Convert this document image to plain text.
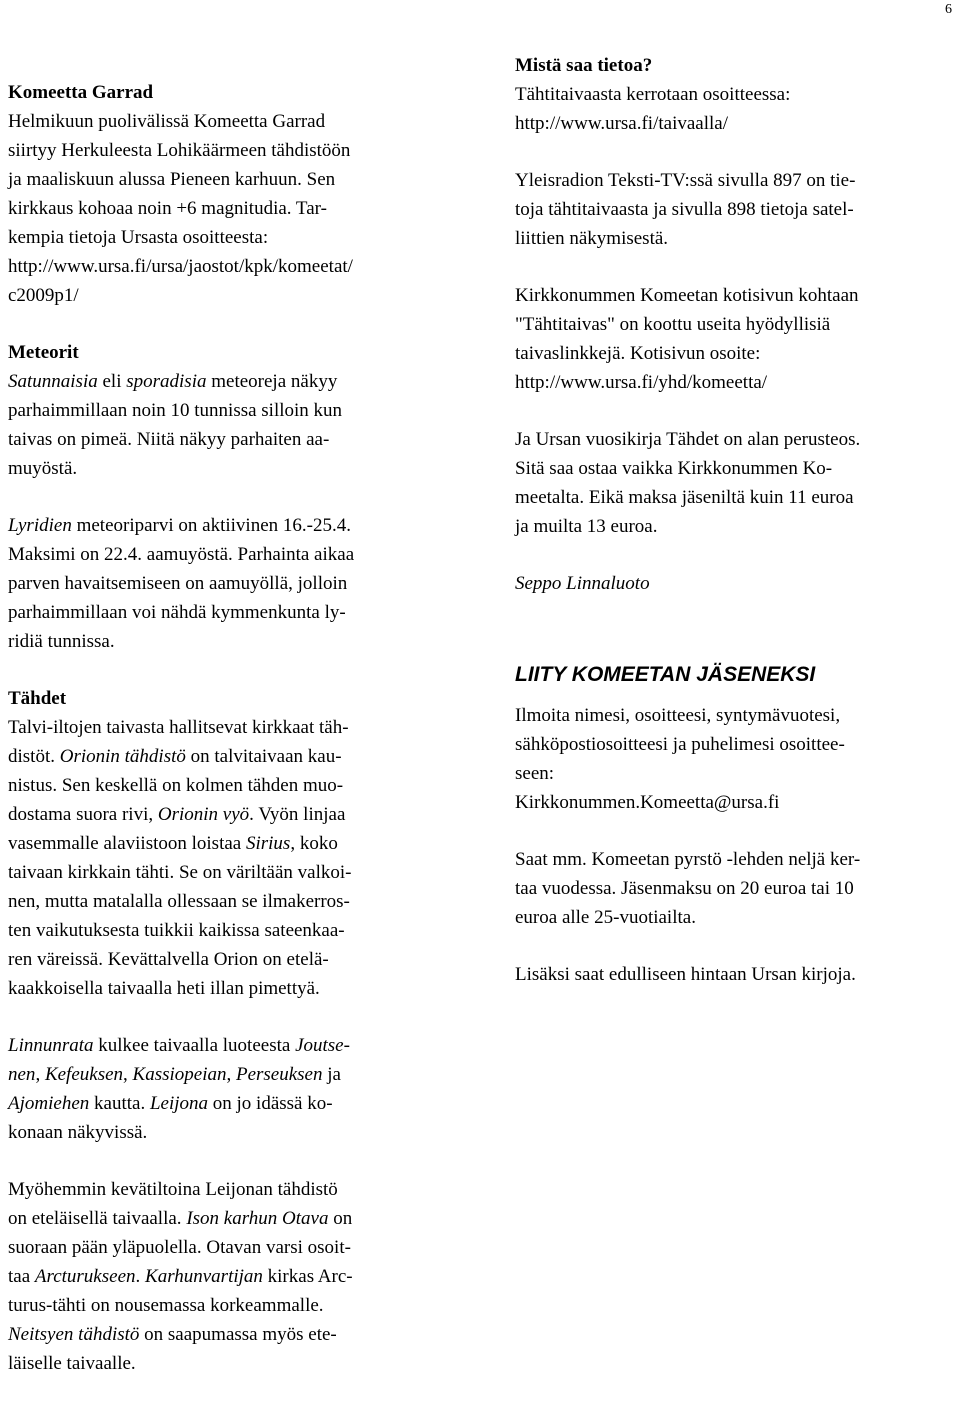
6
Komeetta Garrad
Helmikuun puolivälissä Komeetta Garrad
siirtyy Herkuleesta Lohikäärmeen tähdistöön
ja maaliskuun alussa Pieneen karhuun. Sen
kirkkaus kohoaa noin +6 magnitudia. Tar-
kempia tietoja Ursasta osoitteesta:
http://www.ursa.fi/ursa/jaostot/kpk/komeetat/
c2009p1/
Meteorit
Satunnaisia eli sporadisia meteoreja näkyy
parhaimmillaan noin 10 tunnissa silloin kun
taivas on pimeä. Niitä näkyy parhaiten aa-
muyöstä.
Lyridien meteoriparvi on aktiivinen 16.-25.4.
Maksimi on 22.4. aamuyöstä. Parhainta aikaa
parven havaitsemiseen on aamuyöllä, jolloin
parhaimmillaan voi nähdä kymmenkunta ly-
ridiä tunnissa.
Tähdet
Talvi-iltojen taivasta hallitsevat kirkkaat täh-
distöt. Orionin tähdistö on talvitaivaan kau-
nistus. Sen keskellä on kolmen tähden muo-
dostama suora rivi, Orionin vyö. Vyön linjaa
vasemmalle alaviistoon loistaa Sirius, koko
taivaan kirkkain tähti. Se on väriltään valkoi-
nen, mutta matalalla ollessaan se ilmakerros-
ten vaikutuksesta tuikkii kaikissa sateenkaa-
ren väreissä. Kevättalvella Orion on etelä-
kaakkoisella taivaalla heti illan pimettyä.
Linnunrata kulkee taivaalla luoteesta Joutse-
nen, Kefeuksen, Kassiopeian, Perseuksen ja
Ajomiehen kautta. Leijona on jo idässä ko-
konaan näkyvissä.
Myöhemmin kevätiltoina Leijonan tähdistö
on eteläisellä taivaalla. Ison karhun Otava on
suoraan pään yläpuolella. Otavan varsi osoit-
taa Arcturukseen. Karhunvartijan kirkas Arc-
turus-tähti on nousemassa korkeammalle.
Neitsyen tähdistö on saapumassa myös ete-
läiselle taivaalle.
Mistä saa tietoa?
Tähtitaivaasta kerrotaan osoitteessa:
http://www.ursa.fi/taivaalla/
Yleisradion Teksti-TV:ssä sivulla 897 on tie-
toja tähtitaivaasta ja sivulla 898 tietoja satel-
liittien näkymisestä.
Kirkkonummen Komeetan kotisivun kohtaan
"Tähtitaivas" on koottu useita hyödyllisiä
taivaslinkkejä. Kotisivun osoite:
http://www.ursa.fi/yhd/komeetta/
Ja Ursan vuosikirja Tähdet on alan perusteos.
Sitä saa ostaa vaikka Kirkkonummen Ko-
meetalta. Eikä maksa jäseniltä kuin 11 euroa
ja muilta 13 euroa.
Seppo Linnaluoto
LIITY KOMEETAN JÄSENEKSI
Ilmoita nimesi, osoitteesi, syntymävuotesi,
sähköpostiosoitteesi ja puhelimesi osoittee-
seen:
Kirkkonummen.Komeetta@ursa.fi
Saat mm. Komeetan pyrstö -lehden neljä ker-
taa vuodessa. Jäsenmaksu on 20 euroa tai 10
euroa alle 25-vuotiailta.
Lisäksi saat edulliseen hintaan Ursan kirjoja.
